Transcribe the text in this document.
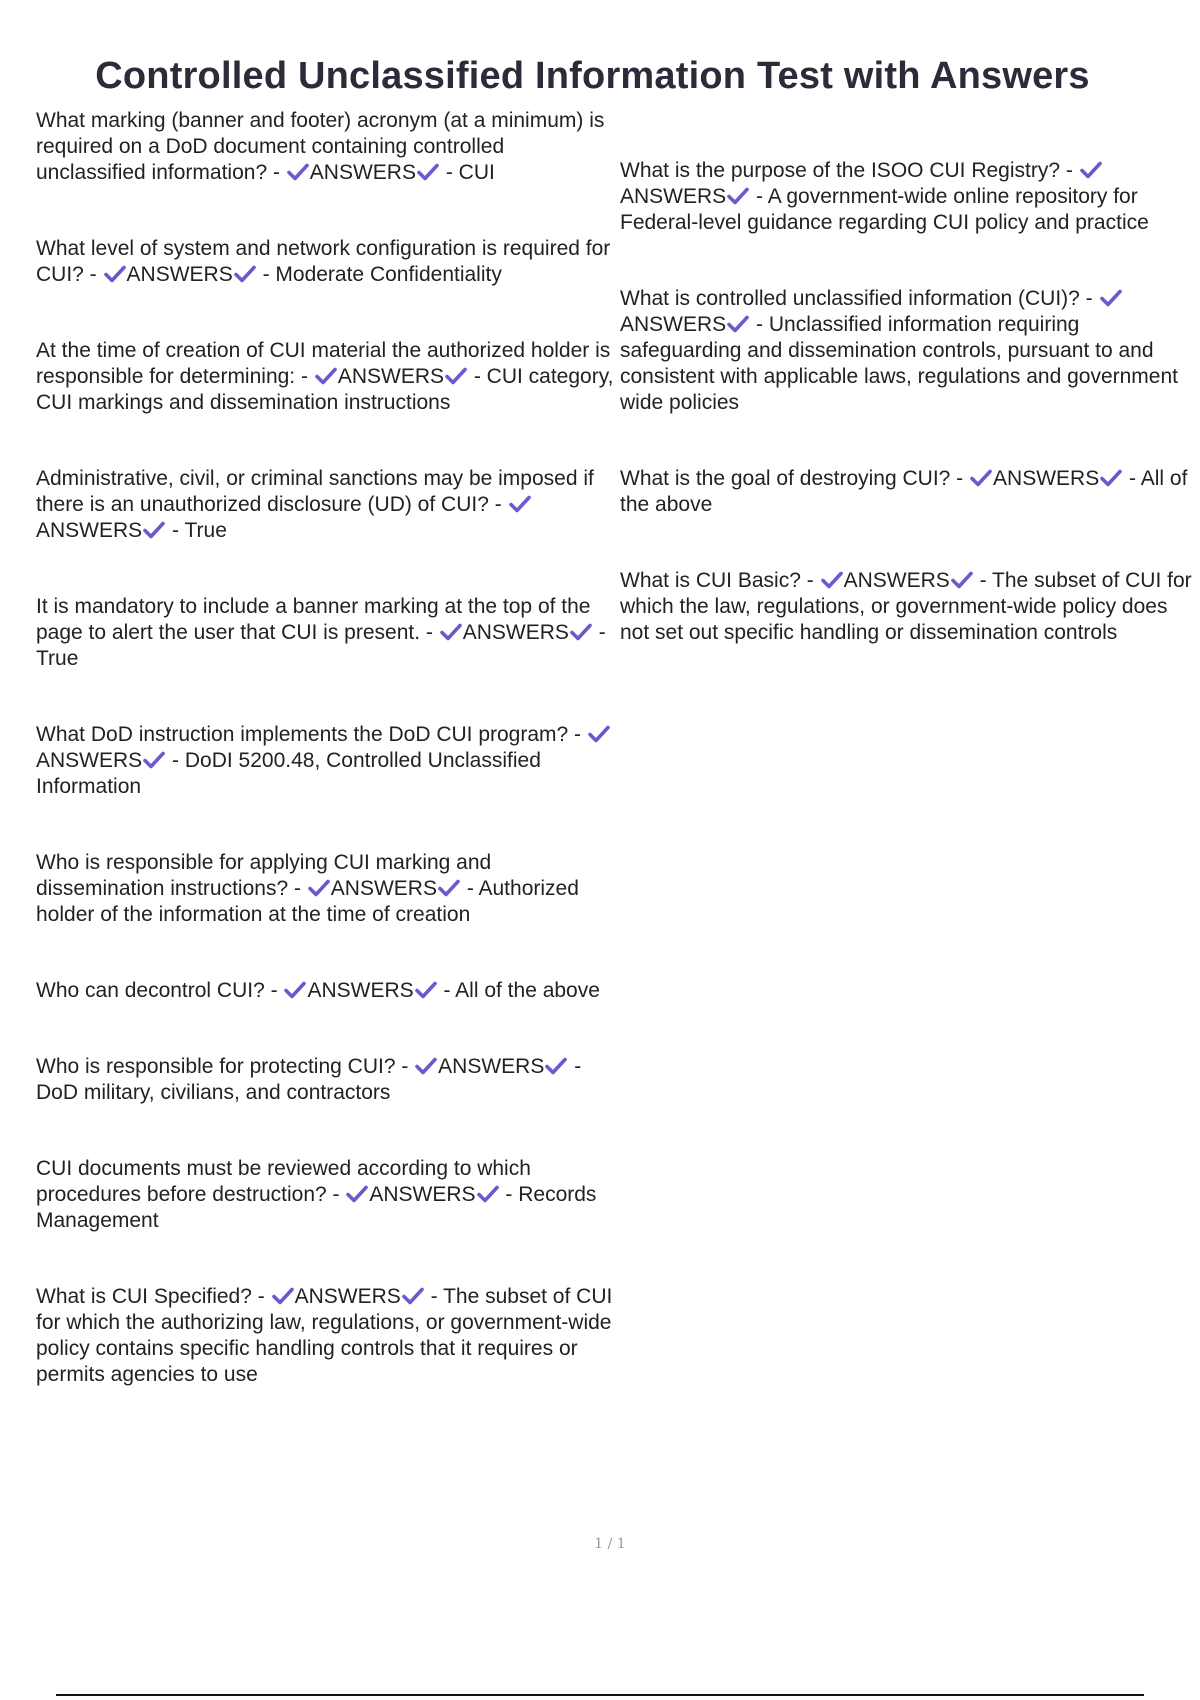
Controlled Unclassified Information Test with Answers
What marking (banner and footer) acronym (at a minimum) is required on a DoD document containing controlled unclassified information? - ANSWERS - CUI
What level of system and network configuration is required for CUI? - ANSWERS - Moderate Confidentiality
At the time of creation of CUI material the authorized holder is responsible for determining: - ANSWERS - CUI category, CUI markings and dissemination instructions
Administrative, civil, or criminal sanctions may be imposed if there is an unauthorized disclosure (UD) of CUI? -
ANSWERS - True
It is mandatory to include a banner marking at the top of the page to alert the user that CUI is present. - ANSWERS - True
What DoD instruction implements the DoD CUI program? -
ANSWERS - DoDI 5200.48, Controlled Unclassified Information
Who is responsible for applying CUI marking and dissemination instructions? - ANSWERS - Authorized holder of the information at the time of creation
Who can decontrol CUI? - ANSWERS - All of the above
Who is responsible for protecting CUI? - ANSWERS - DoD military, civilians, and contractors
CUI documents must be reviewed according to which procedures before destruction? - ANSWERS - Records Management
What is CUI Specified? - ANSWERS - The subset of CUI for which the authorizing law, regulations, or government-wide policy contains specific handling controls that it requires or permits agencies to use
What is the purpose of the ISOO CUI Registry? -
ANSWERS - A government-wide online repository for Federal-level guidance regarding CUI policy and practice
What is controlled unclassified information (CUI)? -
ANSWERS - Unclassified information requiring safeguarding and dissemination controls, pursuant to and consistent with applicable laws, regulations and government wide policies
What is the goal of destroying CUI? - ANSWERS - All of the above
What is CUI Basic? - ANSWERS - The subset of CUI for which the law, regulations, or government-wide policy does not set out specific handling or dissemination controls
1 / 1
